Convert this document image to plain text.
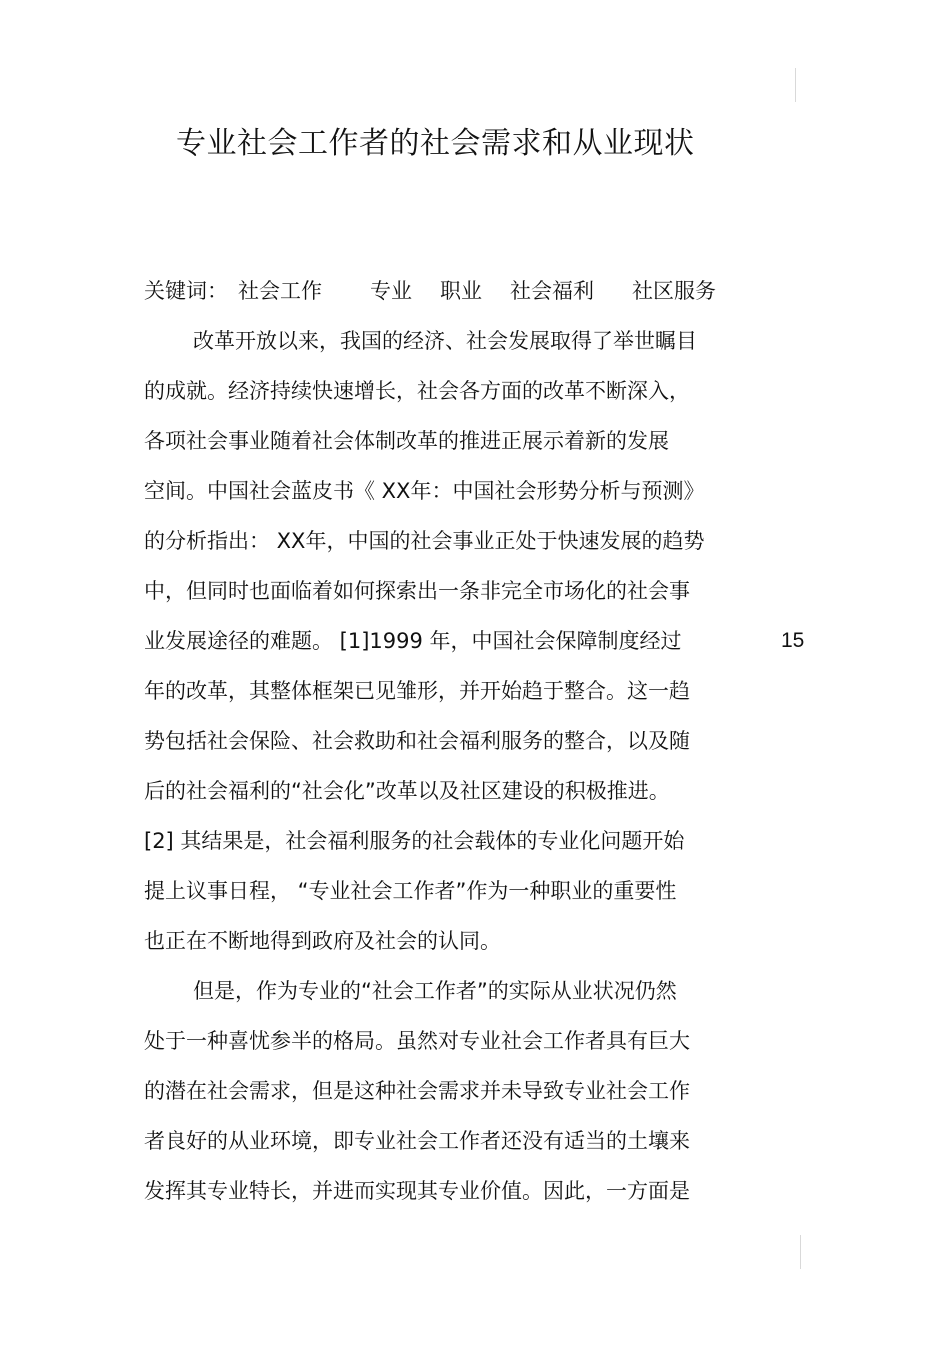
专业社会工作者的社会需求和从业现状
关键词： 社会工作 专业 职业 社会福利 社区服务
改革开放以来，我国的经济、社会发展取得了举世瞩目
的成就。经济持续快速增长，社会各方面的改革不断深入，
各项社会事业随着社会体制改革的推进正展示着新的发展
空间。中国社会蓝皮书《 XX年：中国社会形势分析与预测》
的分析指出： XX年，中国的社会事业正处于快速发展的趋势
中，但同时也面临着如何探索出一条非完全市场化的社会事
业发展途径的难题。 [1]1999 年，中国社会保障制度经过	15
年的改革，其整体框架已见雏形，并开始趋于整合。这一趋
势包括社会保险、社会救助和社会福利服务的整合，以及随
后的社会福利的“社会化”改革以及社区建设的积极推进。
[2] 其结果是，社会福利服务的社会载体的专业化问题开始
提上议事日程， “专业社会工作者”作为一种职业的重要性
也正在不断地得到政府及社会的认同。
但是，作为专业的“社会工作者”的实际从业状况仍然
处于一种喜忧参半的格局。虽然对专业社会工作者具有巨大
的潜在社会需求，但是这种社会需求并未导致专业社会工作
者良好的从业环境，即专业社会工作者还没有适当的土壤来
发挥其专业特长，并进而实现其专业价值。因此，一方面是
